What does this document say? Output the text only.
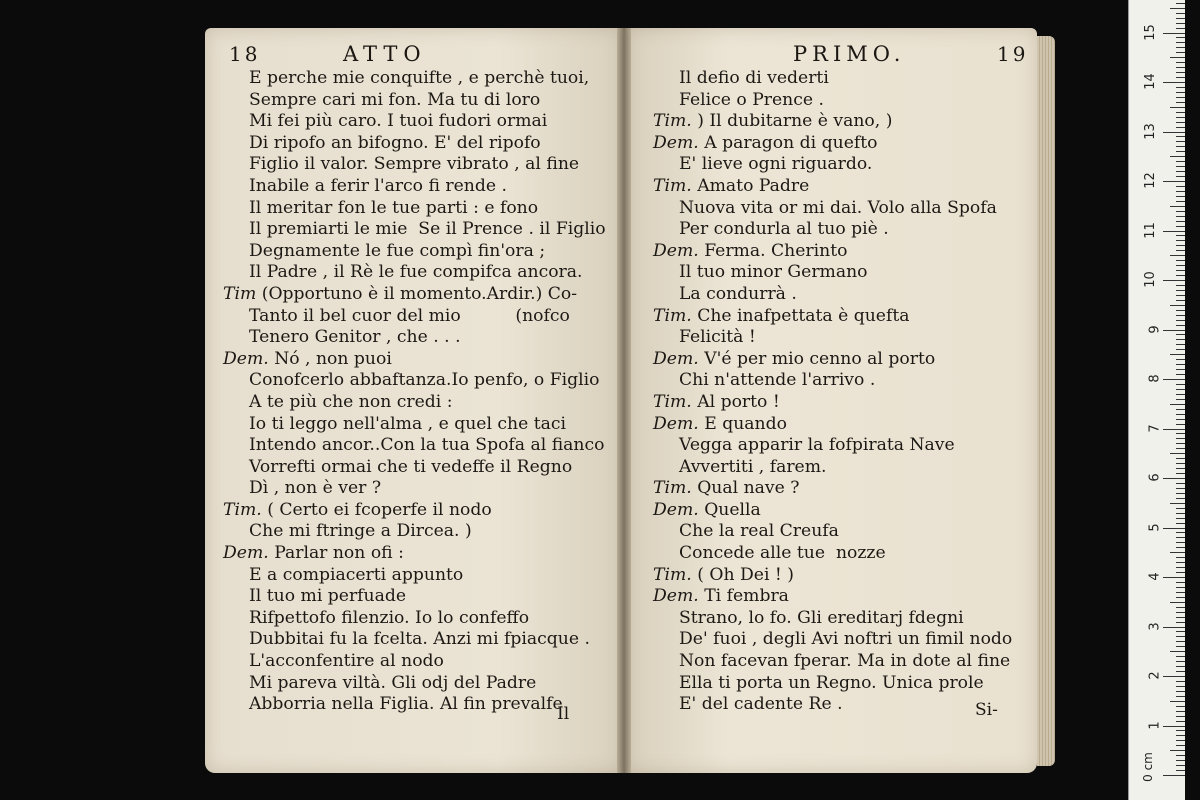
18	ATTO
E perche mie conquifte , e perchè tuoi,
Sempre cari mi fon. Ma tu di loro
Mi fei più caro. I tuoi fudori ormai
Di ripofo an bifogno. E' del ripofo
Figlio il valor. Sempre vibrato , al fine
Inabile a ferir l'arco fi rende .
Il meritar fon le tue parti : e fono
Il premiarti le mie  Se il Prence . il Figlio
Degnamente le fue compì fin'ora ;
Il Padre , il Rè le fue compifca ancora.
Tim (Opportuno è il momento.Ardir.) Co-
Tanto il bel cuor del mio          (nofco
Tenero Genitor , che . . .
Dem. Nó , non puoi
Conofcerlo abbaftanza.Io penfo, o Figlio
A te più che non credi :
Io ti leggo nell'alma , e quel che taci
Intendo ancor..Con la tua Spofa al fianco
Vorrefti ormai che ti vedeffe il Regno
Dì , non è ver ?
Tim. ( Certo ei fcoperfe il nodo
Che mi ftringe a Dircea. )
Dem. Parlar non ofi :
E a compiacerti appunto
Il tuo mi perfuade
Rifpettofo filenzio. Io lo confeffo
Dubbitai fu la fcelta. Anzi mi fpiacque .
L'acconfentire al nodo
Mi pareva viltà. Gli odj del Padre
Abborria nella Figlia. Al fin prevalfe
Il
PRIMO.	19
Il defio di vederti
Felice o Prence .
Tim. ) Il dubitarne è vano, )
Dem. A paragon di quefto
E' lieve ogni riguardo.
Tim. Amato Padre
Nuova vita or mi dai. Volo alla Spofa
Per condurla al tuo piè .
Dem. Ferma. Cherinto
Il tuo minor Germano
La condurrà .
Tim. Che inafpettata è quefta
Felicità !
Dem. V'é per mio cenno al porto
Chi n'attende l'arrivo .
Tim. Al porto !
Dem. E quando
Vegga apparir la fofpirata Nave
Avvertiti , farem.
Tim. Qual nave ?
Dem. Quella
Che la real Creufa
Concede alle tue  nozze
Tim. ( Oh Dei ! )
Dem. Ti fembra
Strano, lo fo. Gli ereditarj fdegni
De' fuoi , degli Avi noftri un fimil nodo
Non facevan fperar. Ma in dote al fine
Ella ti porta un Regno. Unica prole
E' del cadente Re .	Si-
0 cm
15
14
13
12
11
10
9
8
7
6
5
4
3
2
1
